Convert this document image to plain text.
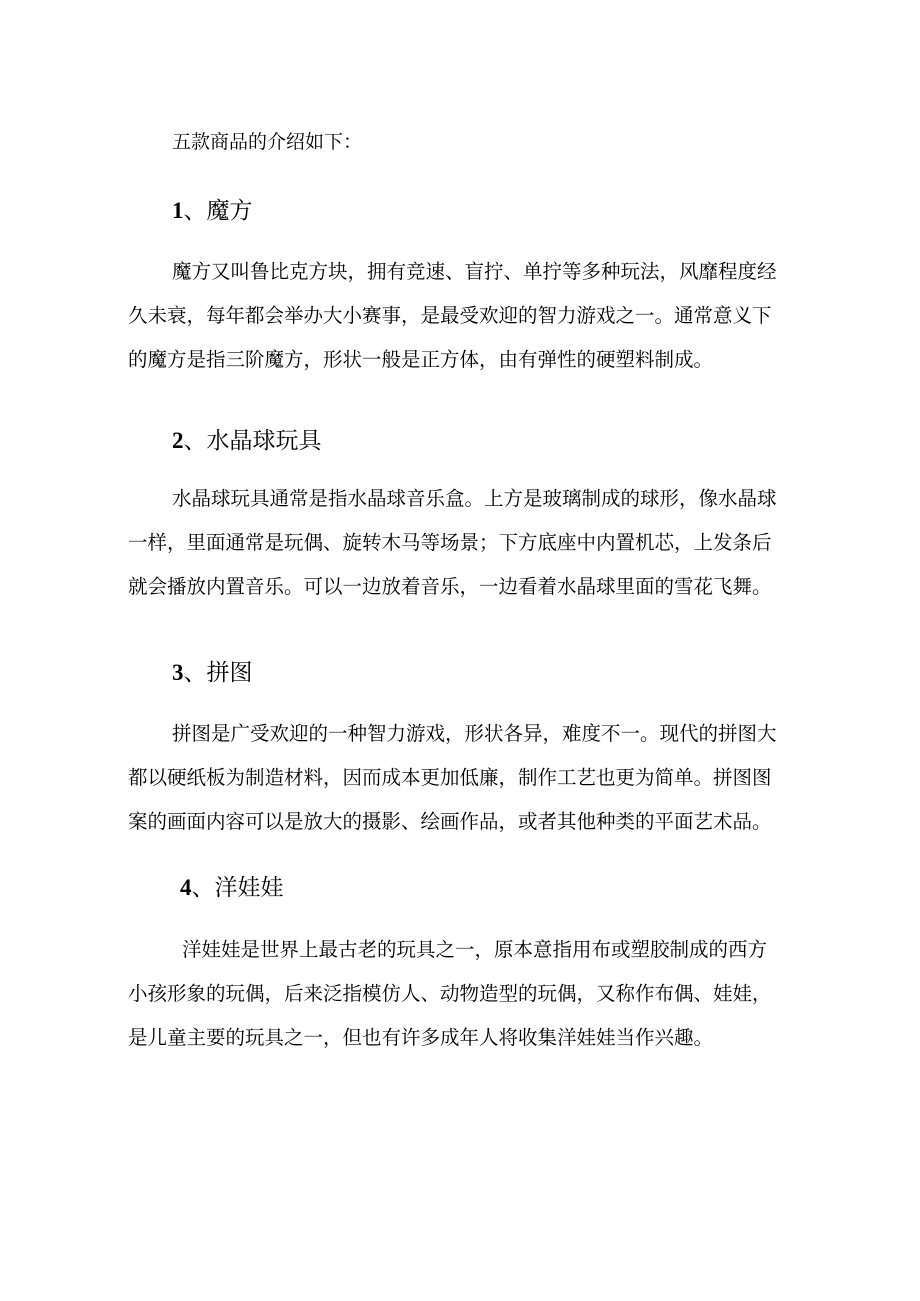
五款商品的介绍如下：
1、魔方
魔方又叫鲁比克方块，拥有竞速、盲拧、单拧等多种玩法，风靡程度经
久未衰，每年都会举办大小赛事，是最受欢迎的智力游戏之一。通常意义下
的魔方是指三阶魔方，形状一般是正方体，由有弹性的硬塑料制成。
2、水晶球玩具
水晶球玩具通常是指水晶球音乐盒。上方是玻璃制成的球形，像水晶球
一样，里面通常是玩偶、旋转木马等场景；下方底座中内置机芯，上发条后
就会播放内置音乐。可以一边放着音乐，一边看着水晶球里面的雪花飞舞。
3、拼图
拼图是广受欢迎的一种智力游戏，形状各异，难度不一。现代的拼图大
都以硬纸板为制造材料，因而成本更加低廉，制作工艺也更为简单。拼图图
案的画面内容可以是放大的摄影、绘画作品，或者其他种类的平面艺术品。
4、洋娃娃
洋娃娃是世界上最古老的玩具之一，原本意指用布或塑胶制成的西方
小孩形象的玩偶，后来泛指模仿人、动物造型的玩偶，又称作布偶、娃娃，
是儿童主要的玩具之一，但也有许多成年人将收集洋娃娃当作兴趣。
